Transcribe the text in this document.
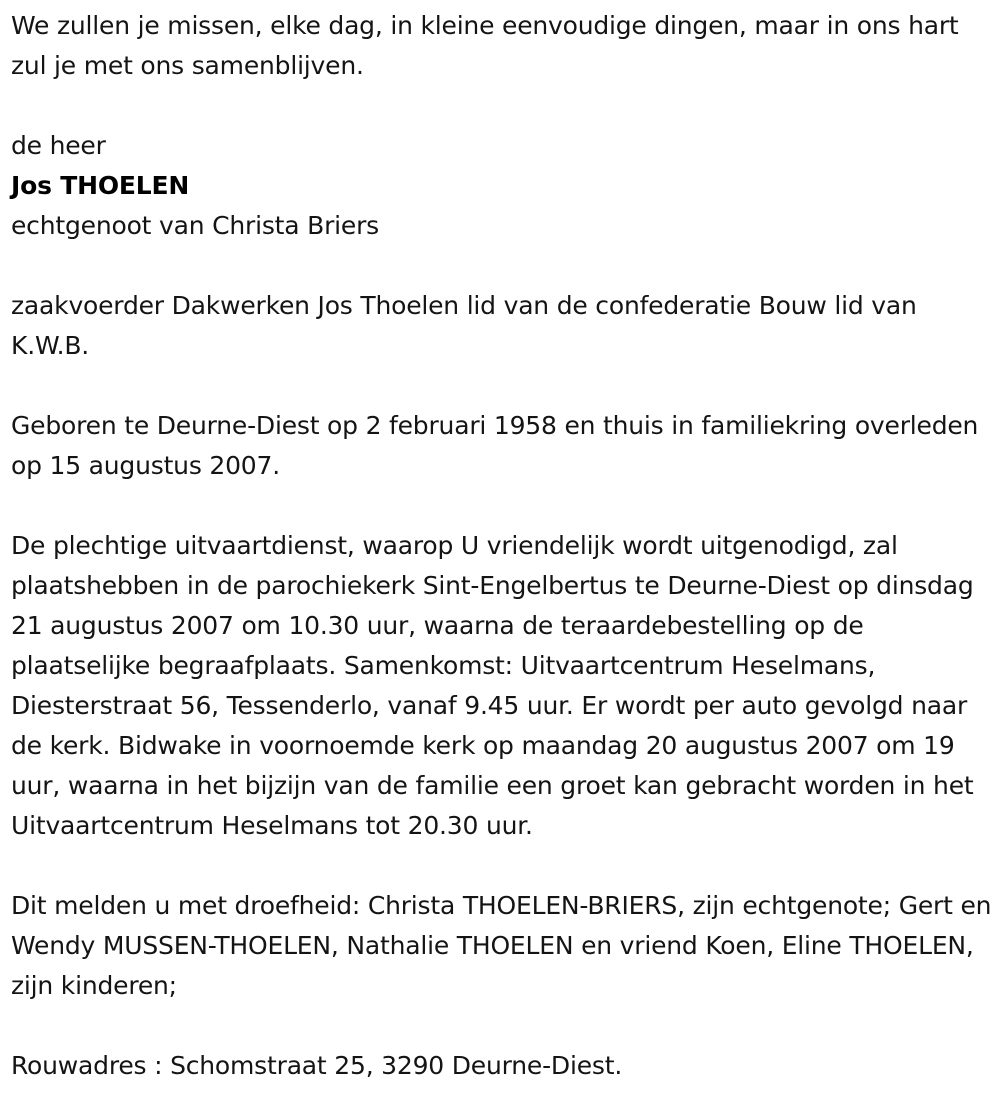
We zullen je missen, elke dag, in kleine eenvoudige dingen, maar in ons hart zul je met ons samenblijven.

de heer

Jos THOELEN

echtgenoot van Christa Briers

zaakvoerder Dakwerken Jos Thoelen lid van de confederatie Bouw lid van K.W.B.

Geboren te Deurne-Diest op 2 februari 1958 en thuis in familiekring overleden op 15 augustus 2007.

De plechtige uitvaartdienst, waarop U vriendelijk wordt uitgenodigd, zal plaatshebben in de parochiekerk Sint-Engelbertus te Deurne-Diest op dinsdag 21 augustus 2007 om 10.30 uur, waarna de teraardebestelling op de plaatselijke begraafplaats. Samenkomst: Uitvaartcentrum Heselmans, Diesterstraat 56, Tessenderlo, vanaf 9.45 uur. Er wordt per auto gevolgd naar de kerk. Bidwake in voornoemde kerk op maandag 20 augustus 2007 om 19 uur, waarna in het bijzijn van de familie een groet kan gebracht worden in het Uitvaartcentrum Heselmans tot 20.30 uur.

Dit melden u met droefheid: Christa THOELEN-BRIERS, zijn echtgenote; Gert en Wendy MUSSEN-THOELEN, Nathalie THOELEN en vriend Koen, Eline THOELEN, zijn kinderen;

Rouwadres : Schomstraat 25, 3290 Deurne-Diest.
